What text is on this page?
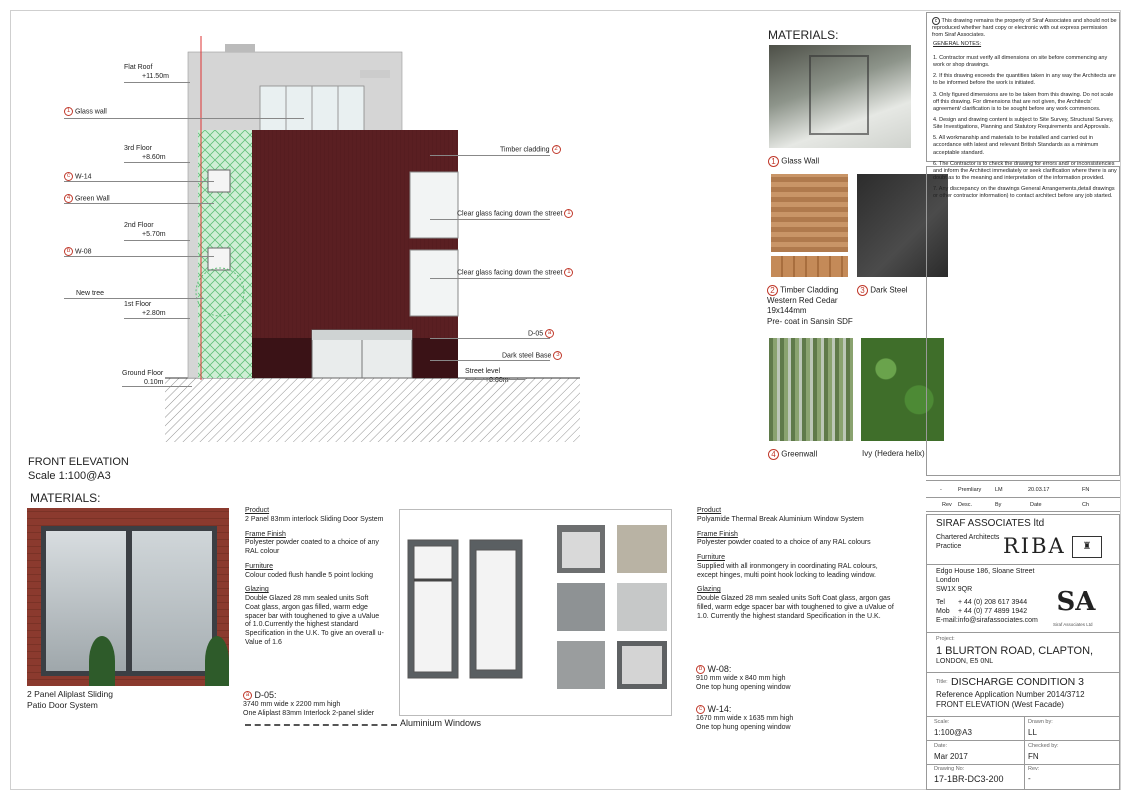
Flat Roof
+11.50m
3rd Floor
+8.60m
2nd Floor
+5.70m
1st Floor
+2.80m
Ground Floor
0.10m
Street level
+0.00m
1 Glass wall
c W-14
4 Green Wall
b W-08
New tree
Timber cladding 2
Clear glass facing down the street 1
Clear glass facing down the street 1
D-05 a
Dark steel Base 3
FRONT ELEVATION
Scale 1:100@A3
MATERIALS:
1 Glass Wall
2 Timber Cladding
Western Red Cedar
19x144mm
Pre- coat in Sansin SDF
3 Dark Steel
4 Greenwall	Ivy (Hedera helix)
c This drawing remains the property of Siraf Associates and should not be reproduced whether hard copy or electronic with out express permission from Siraf Associates.
GENERAL NOTES:
1. Contractor must verify all dimensions on site before commencing any work or shop drawings.
2. If this drawing exceeds the quantities taken in any way the Architects are to be informed before the work is initiated.
3. Only figured dimensions are to be taken from this drawing. Do not scale off this drawing. For dimensions that are not given, the Architects' agreement/ clarification is to be sought before any work commences.
4. Design and drawing content is subject to Site Survey, Structural Survey, Site Investigations, Planning and Statutory Requirements and Approvals.
5. All workmanship and materials to be installed and carried out in accordance with latest and relevant British Standards as a minimum acceptable standard.
6. The Contractor is to check the drawing for errors and/ or inconsistencies and inform the Architect immediately or seek clarification where there is any doubt as to the meaning and interpretation of the information provided.
7. Any discrepancy on the drawings General Arrangements,detail drawings or other contractor information) to contact architect before any job started.
-	Premliary	LM	20.03.17	FN
Rev Desc.	By	Date	Ch
SIRAF ASSOCIATES ltd
Chartered Architects
Practice	RIBA	♜
Edgo House 186, Sloane Street
London
SW1X 9QR
Tel + 44 (0) 208 617 3944
Mob + 44 (0) 77 4899 1942
E-mail:info@sirafassociates.com
SA
Siraf Associates Ltd
Project:
1 BLURTON ROAD, CLAPTON,
LONDON, E5 0NL
Title: DISCHARGE CONDITION 3
Reference Application Number 2014/3712
FRONT ELEVATION (West Facade)
Scale:
1:100@A3
Drawn by:
LL
Date:
Mar 2017
Checked by:
FN
Drawing No:
17-1BR-DC3-200
Rev:
-
MATERIALS:
2 Panel Aliplast Sliding
Patio Door System
Product
2 Panel 83mm interlock Sliding Door System
Frame Finish
Polyester powder coated to a choice of any RAL colour
Furniture
Colour coded flush handle 5 point locking
Glazing
Double Glazed 28 mm sealed units Soft Coat glass, argon gas filled, warm edge spacer bar with toughened to give a uValue of 1.0.Currently the highest standard Specification in the U.K. To give an overall u-Value of 1.6
a D-05:
3740 mm wide x 2200 mm high
One Aliplast 83mm Interlock 2-panel slider
Aluminium Windows
Product
Polyamide Thermal Break Aluminium Window System
Frame Finish
Polyester powder coated to a choice of any RAL colours
Furniture
Supplied with all ironmongery in coordinating RAL colours, except hinges, multi point hook locking to leading window.
Glazing
Double Glazed 28 mm sealed units Soft Coat glass, argon gas filled, warm edge spacer bar with toughened to give a uValue of 1.0. Currently the highest standard Specification in the U.K.
b W-08:
910 mm wide x 840 mm high
One top hung opening window
c W-14:
1670 mm wide x 1635 mm high
One top hung opening window
